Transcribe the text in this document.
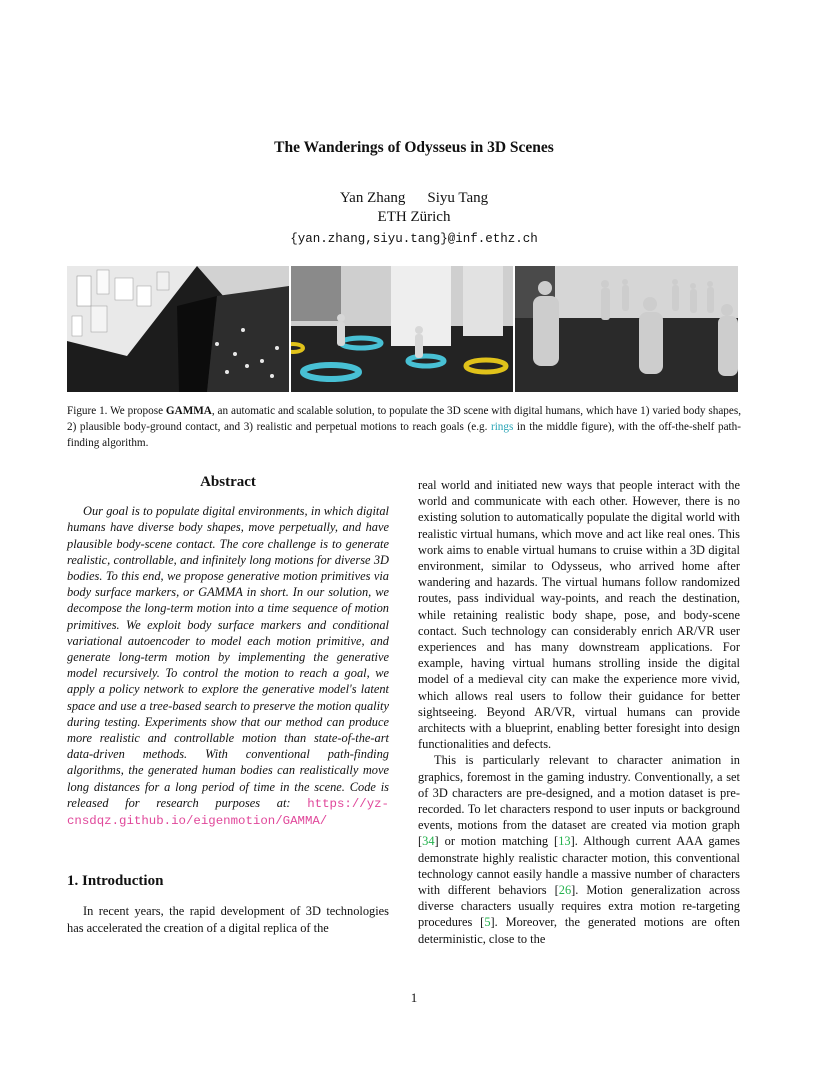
The Wanderings of Odysseus in 3D Scenes
Yan Zhang Siyu Tang
ETH Zürich
{yan.zhang,siyu.tang}@inf.ethz.ch
Figure 1. We propose GAMMA, an automatic and scalable solution, to populate the 3D scene with digital humans, which have 1) varied body shapes, 2) plausible body-ground contact, and 3) realistic and perpetual motions to reach goals (e.g. rings in the middle figure), with the off-the-shelf path-finding algorithm.
Abstract

Our goal is to populate digital environments, in which digital humans have diverse body shapes, move perpetually, and have plausible body-scene contact. The core challenge is to generate realistic, controllable, and infinitely long motions for diverse 3D bodies. To this end, we propose generative motion primitives via body surface markers, or GAMMA in short. In our solution, we decompose the long-term motion into a time sequence of motion primitives. We exploit body surface markers and conditional variational autoencoder to model each motion primitive, and generate long-term motion by implementing the generative model recursively. To control the motion to reach a goal, we apply a policy network to explore the generative model's latent space and use a tree-based search to preserve the motion quality during testing. Experiments show that our method can produce more realistic and controllable motion than state-of-the-art data-driven methods. With conventional path-finding algorithms, the generated human bodies can realistically move long distances for a long period of time in the scene. Code is released for research purposes at: https://yz-cnsdqz.github.io/eigenmotion/GAMMA/

1. Introduction

In recent years, the rapid development of 3D technologies has accelerated the creation of a digital replica of the

real world and initiated new ways that people interact with the world and communicate with each other. However, there is no existing solution to automatically populate the digital world with realistic virtual humans, which move and act like real ones. This work aims to enable virtual humans to cruise within a 3D digital environment, similar to Odysseus, who arrived home after wandering and hazards. The virtual humans follow randomized routes, pass individual way-points, and reach the destination, while retaining realistic body shape, pose, and body-scene contact. Such technology can considerably enrich AR/VR user experiences and has many downstream applications. For example, having virtual humans strolling inside the digital model of a medieval city can make the experience more vivid, which allows real users to follow their guidance for better sightseeing. Beyond AR/VR, virtual humans can provide architects with a blueprint, enabling better foresight into design functionalities and defects.

This is particularly relevant to character animation in graphics, foremost in the gaming industry. Conventionally, a set of 3D characters are pre-designed, and a motion dataset is pre-recorded. To let characters respond to user inputs or background events, motions from the dataset are created via motion graph [34] or motion matching [13]. Although current AAA games demonstrate highly realistic character motion, this conventional technology cannot easily handle a massive number of characters with different behaviors [26]. Motion generalization across diverse characters usually requires extra motion re-targeting procedures [5]. Moreover, the generated motions are often deterministic, close to the

1
